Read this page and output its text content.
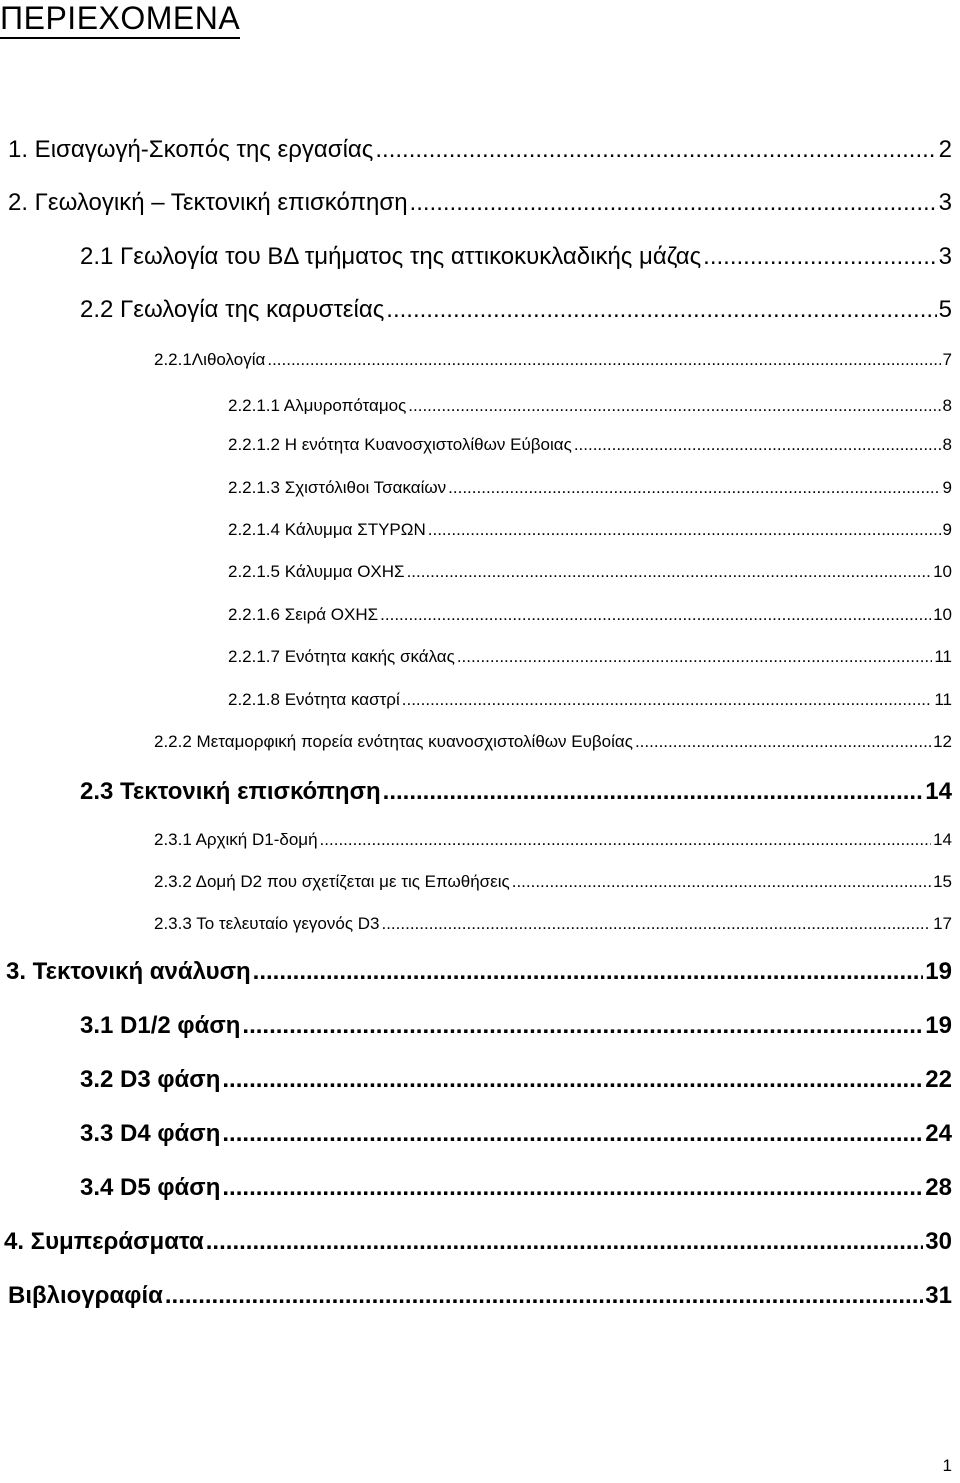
ΠΕΡΙΕΧΟΜΕΝΑ
1. Εισαγωγή-Σκοπός της εργασίας .....	2
2. Γεωλογική – Τεκτονική επισκόπηση .....	3
2.1 Γεωλογία του ΒΔ τμήματος της αττικοκυκλαδικής μάζας .....	3
2.2 Γεωλογία της καρυστείας .....	5
2.2.1Λιθολογία .....	7
2.2.1.1 Αλμυροπόταμος .....	8
2.2.1.2 Η ενότητα Κυανοσχιστολίθων Εύβοιας .....	8
2.2.1.3 Σχιστόλιθοι Τσακαίων .....	9
2.2.1.4 Κάλυμμα ΣΤΥΡΩΝ .....	9
2.2.1.5 Κάλυμμα ΟΧΗΣ .....	10
2.2.1.6 Σειρά ΟΧΗΣ .....	10
2.2.1.7 Ενότητα κακής σκάλας .....	11
2.2.1.8 Ενότητα καστρί .....	11
2.2.2 Μεταμορφική πορεία ενότητας κυανοσχιστολίθων Ευβοίας .....	12
2.3 Τεκτονική επισκόπηση .....	14
2.3.1 Αρχική D1-δομή .....	14
2.3.2 Δομή D2 που σχετίζεται με τις Επωθήσεις .....	15
2.3.3 Το τελευταίο γεγονός D3 .....	17
3. Τεκτονική ανάλυση .....	19
3.1 D1/2 φάση .....	19
3.2 D3 φάση .....	22
3.3 D4 φάση .....	24
3.4 D5 φάση .....	28
4. Συμπεράσματα .....	30
Βιβλιογραφία .....	31
1
